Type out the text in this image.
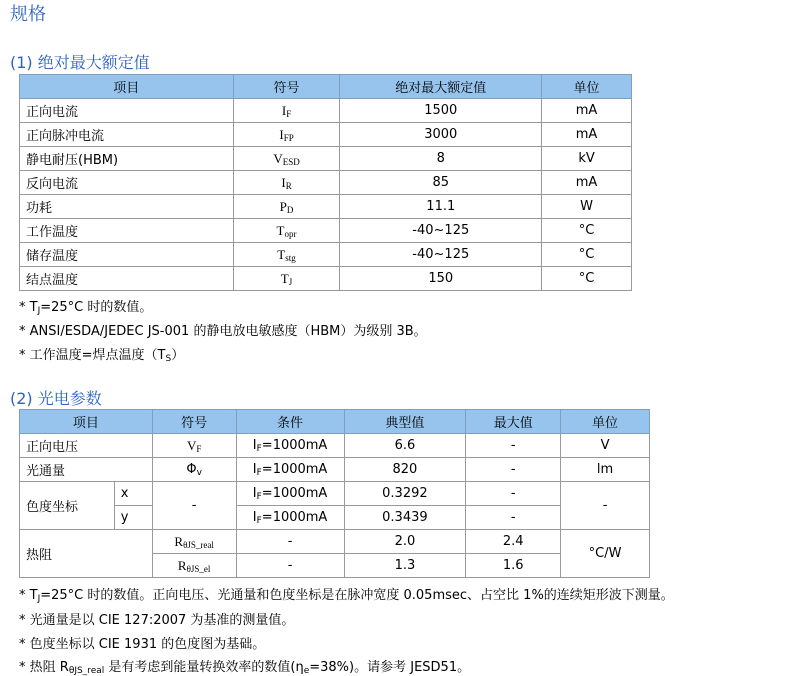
规格
(1) 绝对最大额定值
项目	符号	绝对最大额定值	单位
正向电流	$I_F$	1500	mA
正向脉冲电流	$I_{FP}$	3000	mA
静电耐压(HBM)	$V_{ESD}$	8	kV
反向电流	$I_R$	85	mA
功耗	$P_D$	11.1	W
工作温度	$T_{opr}$	-40~125	°C
储存温度	$T_{stg}$	-40~125	°C
结点温度	$T_J$	150	°C
* $T_J=25^\circ C$ 时的数值。
* ANSI/ESDA/JEDEC JS-001 的静电放电敏感度（HBM）为级别 3B。
* 工作温度=焊点温度$(T_S)$
(2) 光电参数
项目		符号	条件	典型值	最大值	单位
正向电压		$V_F$	$I_F=1000mA$	6.6	-	V
光通量		$\Phi_v$	$I_F=1000mA$	820	-	lm
色度坐标	x	-	$I_F=1000mA$	0.3292	-	-
	y		$I_F=1000mA$	0.3439	-	
热阻		$R_{\theta JS\_real}$	-	2.0	2.4	°C/W
		$R_{\theta JS\_el}$	-	1.3	1.6	
* $T_J=25^\circ C$ 时的数值。正向电压、光通量和色度坐标是在脉冲宽度 0.05msec、占空比 1%的连续矩形波下测量。
* 光通量是以 CIE 127:2007 为基准的测量值。
* 色度坐标以 CIE 1931 的色度图为基础。
* 热阻 $R_{\theta JS\_real}$ 是有考虑到能量转换效率的数值$(\eta_e=38\%)$。请参考 JESD51。
